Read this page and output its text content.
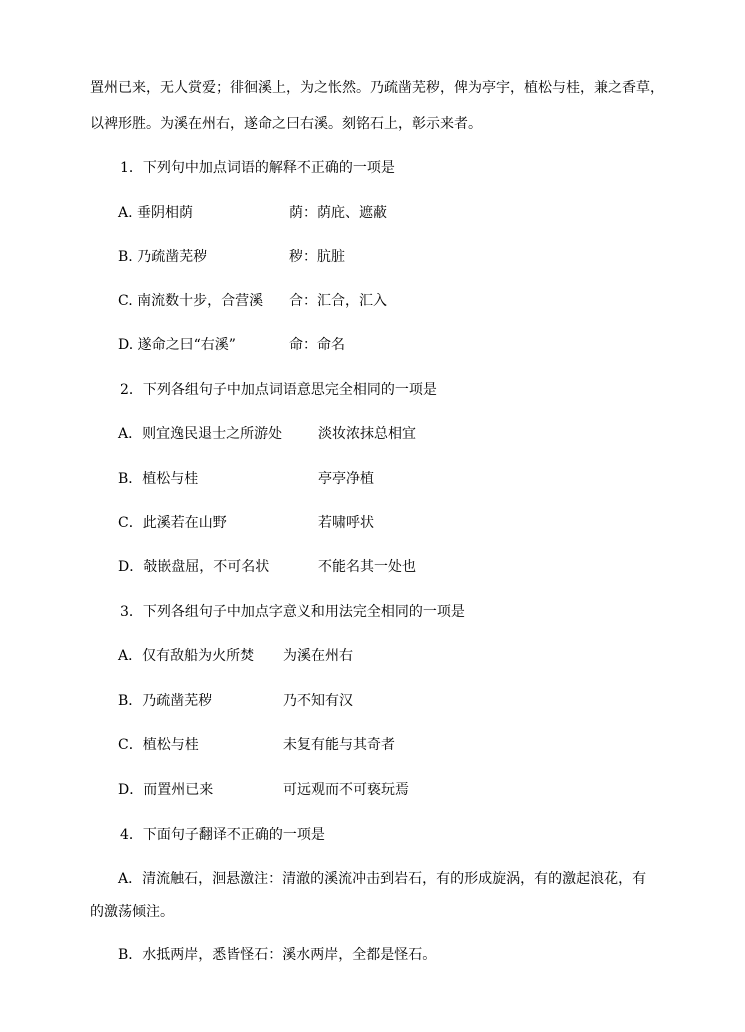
置州已来，无人赏爱；徘徊溪上，为之怅然。乃疏凿芜秽，俾为亭宇，植松与桂，兼之香草，
以裨形胜。为溪在州右，遂命之曰右溪。刻铭石上，彰示来者。
1．下列句中加点词语的解释不正确的一项是
A. 垂阴相荫	荫：荫庇、遮蔽
B. 乃疏凿芜秽	秽：肮脏
C. 南流数十步，合营溪 合：汇合，汇入
D. 遂命之曰“右溪”	命：命名
2．下列各组句子中加点词语意思完全相同的一项是
A．则宜逸民退士之所游处	淡妆浓抹总相宜
B．植松与桂	亭亭净植
C．此溪若在山野	若啸呼状
D．攲嵌盘屈，不可名状	不能名其一处也
3．下列各组句子中加点字意义和用法完全相同的一项是
A．仅有敌船为火所焚 为溪在州右
B．乃疏凿芜秽	乃不知有汉
C．植松与桂	未复有能与其奇者
D．而置州已来	可远观而不可亵玩焉
4．下面句子翻译不正确的一项是
A．清流触石，洄悬激注：清澈的溪流冲击到岩石，有的形成旋涡，有的激起浪花，有
的激荡倾注。
B．水抵两岸，悉皆怪石：溪水两岸，全都是怪石。
